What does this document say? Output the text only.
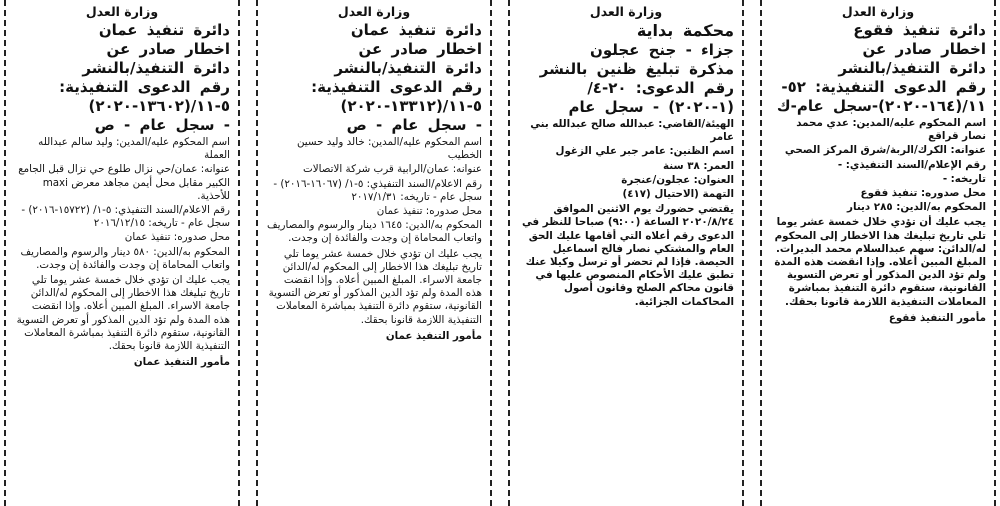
وزارة العدل
دائرة تنفيذ فقوع
اخطار صادر عن
دائرة التنفيذ/بالنشر
رقم الدعوى التنفيذية: ٥٢-
١١/(١٦٤-٢٠٢٠)-سجل عام-ك
اسم المحكوم عليه/المدين: عدي محمد نصار قراقع
عنوانه: الكرك/الربة/شرق المركز الصحي
رقم الإعلام/السند التنفيذي: -
تاريخه: -
محل صدوره: تنفيذ فقوع
المحكوم به/الدين: ٢٨٥ دينار
يجب عليك أن تؤدي خلال خمسة عشر يوما تلي تاريخ تبليغك هذا الاخطار إلى المحكوم له/الدائن: سهم عبدالسلام محمد البديرات. المبلغ المبين أعلاه. وإذا انقضت هذه المدة ولم تؤد الدين المذكور أو تعرض التسوية القانونية، ستقوم دائرة التنفيذ بمباشرة المعاملات التنفيذية اللازمة قانونا بحقك.
مأمور التنفيذ فقوع
وزارة العدل
محكمة بداية
جزاء - جنح عجلون
مذكرة تبليغ ظنين بالنشر
رقم الدعوى: ٢٠-٤/
(١-٢٠٢٠) - سجل عام
الهيئة/القاضي: عبدالله صالح عبدالله بني عامر
اسم الظنين: عامر جبر علي الزغول
العمر: ٣٨ سنة
العنوان: عجلون/عنجرة
التهمة (الاحتيال (٤١٧)
يقتضي حضورك يوم الاثنين الموافق ٢٠٢٠/٨/٢٤ الساعة (٩:٠٠) صباحا للنظر في الدعوى رقم أعلاه التي أقامها عليك الحق العام والمشتكي نصار فالح اسماعيل الحيصة. فإذا لم تحضر أو ترسل وكيلا عنك تطبق عليك الأحكام المنصوص عليها في قانون محاكم الصلح وقانون أصول المحاكمات الجزائية.
وزارة العدل
دائرة تنفيذ عمان
اخطار صادر عن
دائرة التنفيذ/بالنشر
رقم الدعوى التنفيذية:
٥-١١/(١٣٣١٢-٢٠٢٠)
- سجل عام - ص
اسم المحكوم عليه/المدين: خالد وليد حسين الخطيب
عنوانه: عمان/الرابية قرب شركة الاتصالات
رقم الاعلام/السند التنفيذي: ٥-١/ (١٦٠٦٧-٢٠١٦) - سجل عام - تاريخه: ٢٠١٧/١/٣١
محل صدوره: تنفيذ عمان
المحكوم به/الدين: ١٦٤٥ دينار والرسوم والمصاريف واتعاب المحاماة إن وجدت والفائدة إن وجدت.
يجب عليك ان تؤدي خلال خمسة عشر يوما تلي تاريخ تبليغك هذا الاخطار إلى المحكوم له/الدائن جامعة الاسراء. المبلغ المبين أعلاه. وإذا انقضت هذه المدة ولم تؤد الدين المذكور أو تعرض التسوية القانونية، ستقوم دائرة التنفيذ بمباشرة المعاملات التنفيذية اللازمة قانونا بحقك.
مأمور التنفيذ عمان
وزارة العدل
دائرة تنفيذ عمان
اخطار صادر عن
دائرة التنفيذ/بالنشر
رقم الدعوى التنفيذية:
٥-١١/(١٣٦٠٢-٢٠٢٠)
- سجل عام - ص
اسم المحكوم عليه/المدين: وليد سالم عبدالله العملة
عنوانه: عمان/حي نزال طلوع حي نزال قبل الجامع الكبير مقابل محل أيمن مجاهد معرض maxi للأحذية.
رقم الاعلام/السند التنفيذي: ٥-١/ (١٥٧٢٢-٢٠١٦) - سجل عام - تاريخه: ٢٠١٦/١٢/١٥
محل صدوره: تنفيذ عمان
المحكوم به/الدين: ٥٨٠ دينار والرسوم والمصاريف واتعاب المحاماة إن وجدت والفائدة إن وجدت.
يجب عليك ان تؤدي خلال خمسة عشر يوما تلي تاريخ تبليغك هذا الاخطار إلى المحكوم له/الدائن جامعة الاسراء. المبلغ المبين أعلاه. وإذا انقضت هذه المدة ولم تؤد الدين المذكور أو تعرض التسوية القانونية، ستقوم دائرة التنفيذ بمباشرة المعاملات التنفيذية اللازمة قانونا بحقك.
مأمور التنفيذ عمان
